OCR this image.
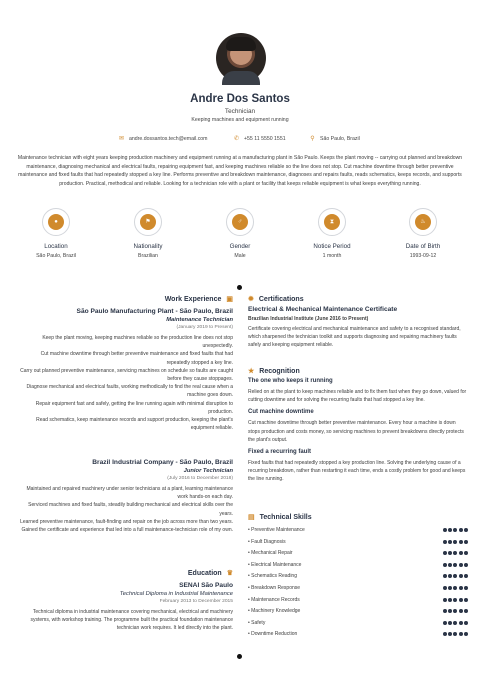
Andre Dos Santos
Technician
Keeping machines and equipment running
✉ andre.dossantos.tech@email.com	✆ +55 11 5550 1551	⚲ São Paulo, Brazil
Maintenance technician with eight years keeping production machinery and equipment running at a manufacturing plant in São Paulo. Keeps the plant moving -- carrying out planned and breakdown maintenance, diagnosing mechanical and electrical faults, repairing equipment fast, and keeping machines reliable so the line does not stop. Cut machine downtime through better preventive maintenance and fixed faults that had repeatedly stopped a key line. Performs preventive and breakdown maintenance, diagnoses and repairs faults, reads schematics, keeps records, and supports production. Practical, methodical and reliable. Looking for a technician role with a plant or facility that keeps reliable equipment is what keeps everything running.
●
Location
São Paulo, Brazil
⚑
Nationality
Brazilian
♂
Gender
Male
⧗
Notice Period
1 month
♨
Date of Birth
1993-09-12
Work Experience ▣
São Paulo Manufacturing Plant - São Paulo, Brazil
Maintenance Technician
(January 2019 to Present)
Keep the plant moving, keeping machines reliable so the production line does not stop unexpectedly.
Cut machine downtime through better preventive maintenance and fixed faults that had repeatedly stopped a key line.
Carry out planned preventive maintenance, servicing machines on schedule so faults are caught before they cause stoppages.
Diagnose mechanical and electrical faults, working methodically to find the real cause when a machine goes down.
Repair equipment fast and safely, getting the line running again with minimal disruption to production.
Read schematics, keep maintenance records and support production, keeping the plant's equipment reliable.
Brazil Industrial Company - São Paulo, Brazil
Junior Technician
(July 2016 to December 2018)
Maintained and repaired machinery under senior technicians at a plant, learning maintenance work hands-on each day.
Serviced machines and fixed faults, steadily building mechanical and electrical skills over the years.
Learned preventive maintenance, fault-finding and repair on the job across more than two years.
Gained the certificate and experience that led into a full maintenance-technician role of my own.
Education ♛
SENAI São Paulo
Technical Diploma in Industrial Maintenance
February 2013 to December 2015
Technical diploma in industrial maintenance covering mechanical, electrical and machinery systems, with workshop training. The programme built the practical foundation maintenance technician work requires. It led directly into the plant.
✹ Certifications
Electrical & Mechanical Maintenance Certificate
Brazilian Industrial Institute (June 2016 to Present)
Certificate covering electrical and mechanical maintenance and safety to a recognised standard, which sharpened the technician toolkit and supports diagnosing and repairing machinery faults safely and keeping equipment reliable.
★ Recognition
The one who keeps it running
Relied on at the plant to keep machines reliable and to fix them fast when they go down, valued for cutting downtime and for solving the recurring faults that had stopped a key line.
Cut machine downtime
Cut machine downtime through better preventive maintenance. Every hour a machine is down stops production and costs money, so servicing machines to prevent breakdowns directly protects the plant's output.
Fixed a recurring fault
Fixed faults that had repeatedly stopped a key production line. Solving the underlying cause of a recurring breakdown, rather than restarting it each time, ends a costly problem for good and keeps the line running.
▤ Technical Skills
• Preventive Maintenance
• Fault Diagnosis
• Mechanical Repair
• Electrical Maintenance
• Schematics Reading
• Breakdown Response
• Maintenance Records
• Machinery Knowledge
• Safety
• Downtime Reduction
